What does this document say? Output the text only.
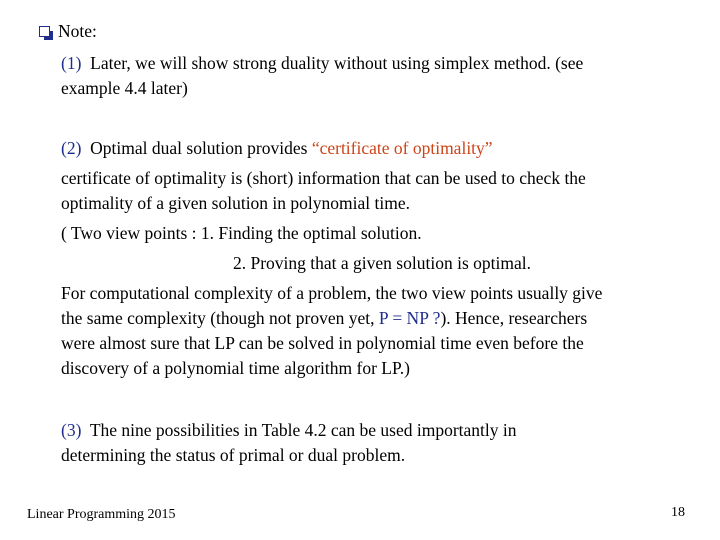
Note:
(1) Later, we will show strong duality without using simplex method. (see
example 4.4 later)
(2) Optimal dual solution provides “certificate of optimality”
certificate of optimality is (short) information that can be used to check the
optimality of a given solution in polynomial time.
( Two view points : 1. Finding the optimal solution.
2. Proving that a given solution is optimal.
For computational complexity of a problem, the two view points usually give
the same complexity (though not proven yet, P = NP ?). Hence, researchers
were almost sure that LP can be solved in polynomial time even before the
discovery of a polynomial time algorithm for LP.)
(3) The nine possibilities in Table 4.2 can be used importantly in
determining the status of primal or dual problem.
Linear Programming 2015	18
